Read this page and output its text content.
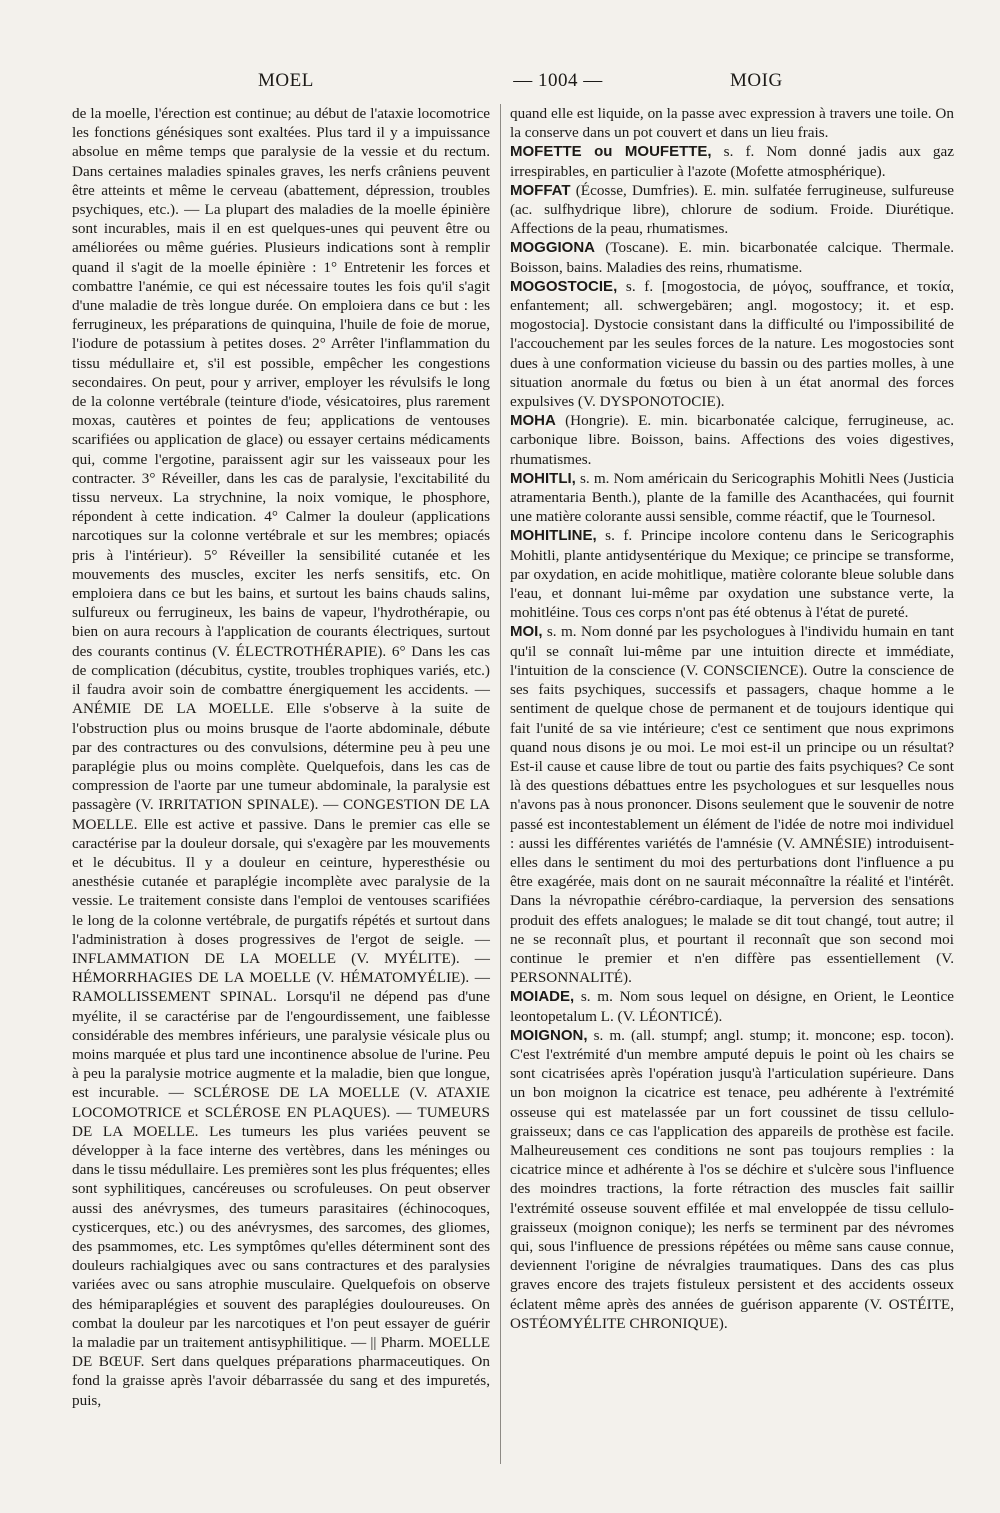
MOEL	— 1004 —	MOIG

de la moelle, l'érection est continue; au début de l'ataxie locomotrice les fonctions génésiques sont exaltées. Plus tard il y a impuissance absolue en même temps que paralysie de la vessie et du rectum. Dans certaines maladies spinales graves, les nerfs crâniens peuvent être atteints et même le cerveau (abattement, dépression, troubles psychiques, etc.). — La plupart des maladies de la moelle épinière sont incurables, mais il en est quelques-unes qui peuvent être ou améliorées ou même guéries. Plusieurs indications sont à remplir quand il s'agit de la moelle épinière : 1° Entretenir les forces et combattre l'anémie, ce qui est nécessaire toutes les fois qu'il s'agit d'une maladie de très longue durée. On emploiera dans ce but : les ferrugineux, les préparations de quinquina, l'huile de foie de morue, l'iodure de potassium à petites doses. 2° Arrêter l'inflammation du tissu médullaire et, s'il est possible, empêcher les congestions secondaires. On peut, pour y arriver, employer les révulsifs le long de la colonne vertébrale (teinture d'iode, vésicatoires, plus rarement moxas, cautères et pointes de feu; applications de ventouses scarifiées ou application de glace) ou essayer certains médicaments qui, comme l'ergotine, paraissent agir sur les vaisseaux pour les contracter. 3° Réveiller, dans les cas de paralysie, l'excitabilité du tissu nerveux. La strychnine, la noix vomique, le phosphore, répondent à cette indication. 4° Calmer la douleur (applications narcotiques sur la colonne vertébrale et sur les membres; opiacés pris à l'intérieur). 5° Réveiller la sensibilité cutanée et les mouvements des muscles, exciter les nerfs sensitifs, etc. On emploiera dans ce but les bains, et surtout les bains chauds salins, sulfureux ou ferrugineux, les bains de vapeur, l'hydrothérapie, ou bien on aura recours à l'application de courants électriques, surtout des courants continus (V. ÉLECTROTHÉRAPIE). 6° Dans les cas de complication (décubitus, cystite, troubles trophiques variés, etc.) il faudra avoir soin de combattre énergiquement les accidents. — ANÉMIE DE LA MOELLE. Elle s'observe à la suite de l'obstruction plus ou moins brusque de l'aorte abdominale, débute par des contractures ou des convulsions, détermine peu à peu une paraplégie plus ou moins complète. Quelquefois, dans les cas de compression de l'aorte par une tumeur abdominale, la paralysie est passagère (V. IRRITATION SPINALE). — CONGESTION DE LA MOELLE. Elle est active et passive. Dans le premier cas elle se caractérise par la douleur dorsale, qui s'exagère par les mouvements et le décubitus. Il y a douleur en ceinture, hyperesthésie ou anesthésie cutanée et paraplégie incomplète avec paralysie de la vessie. Le traitement consiste dans l'emploi de ventouses scarifiées le long de la colonne vertébrale, de purgatifs répétés et surtout dans l'administration à doses progressives de l'ergot de seigle. — INFLAMMATION DE LA MOELLE (V. MYÉLITE). — HÉMORRHAGIES DE LA MOELLE (V. HÉMATOMYÉLIE). — RAMOLLISSEMENT SPINAL. Lorsqu'il ne dépend pas d'une myélite, il se caractérise par de l'engourdissement, une faiblesse considérable des membres inférieurs, une paralysie vésicale plus ou moins marquée et plus tard une incontinence absolue de l'urine. Peu à peu la paralysie motrice augmente et la maladie, bien que longue, est incurable. — SCLÉROSE DE LA MOELLE (V. ATAXIE LOCOMOTRICE et SCLÉROSE EN PLAQUES). — TUMEURS DE LA MOELLE. Les tumeurs les plus variées peuvent se développer à la face interne des vertèbres, dans les méninges ou dans le tissu médullaire. Les premières sont les plus fréquentes; elles sont syphilitiques, cancéreuses ou scrofuleuses. On peut observer aussi des anévrysmes, des tumeurs parasitaires (échinocoques, cysticerques, etc.) ou des anévrysmes, des sarcomes, des gliomes, des psammomes, etc. Les symptômes qu'elles déterminent sont des douleurs rachialgiques avec ou sans contractures et des paralysies variées avec ou sans atrophie musculaire. Quelquefois on observe des hémiparaplégies et souvent des paraplégies douloureuses. On combat la douleur par les narcotiques et l'on peut essayer de guérir la maladie par un traitement antisyphilitique. — || Pharm. MOELLE DE BŒUF. Sert dans quelques préparations pharmaceutiques. On fond la graisse après l'avoir débarrassée du sang et des impuretés, puis,

quand elle est liquide, on la passe avec expression à travers une toile. On la conserve dans un pot couvert et dans un lieu frais.

MOFETTE ou MOUFETTE, s. f. Nom donné jadis aux gaz irrespirables, en particulier à l'azote (Mofette atmosphérique).

MOFFAT (Écosse, Dumfries). E. min. sulfatée ferrugineuse, sulfureuse (ac. sulfhydrique libre), chlorure de sodium. Froide. Diurétique. Affections de la peau, rhumatismes.

MOGGIONA (Toscane). E. min. bicarbonatée calcique. Thermale. Boisson, bains. Maladies des reins, rhumatisme.

MOGOSTOCIE, s. f. [mogostocia, de μόγος, souffrance, et τοκία, enfantement; all. schwergebären; angl. mogostocy; it. et esp. mogostocia]. Dystocie consistant dans la difficulté ou l'impossibilité de l'accouchement par les seules forces de la nature. Les mogostocies sont dues à une conformation vicieuse du bassin ou des parties molles, à une situation anormale du fœtus ou bien à un état anormal des forces expulsives (V. DYSPONOTOCIE).

MOHA (Hongrie). E. min. bicarbonatée calcique, ferrugineuse, ac. carbonique libre. Boisson, bains. Affections des voies digestives, rhumatismes.

MOHITLI, s. m. Nom américain du Sericographis Mohitli Nees (Justicia atramentaria Benth.), plante de la famille des Acanthacées, qui fournit une matière colorante aussi sensible, comme réactif, que le Tournesol.

MOHITLINE, s. f. Principe incolore contenu dans le Sericographis Mohitli, plante antidysentérique du Mexique; ce principe se transforme, par oxydation, en acide mohitlique, matière colorante bleue soluble dans l'eau, et donnant lui-même par oxydation une substance verte, la mohitléine. Tous ces corps n'ont pas été obtenus à l'état de pureté.

MOI, s. m. Nom donné par les psychologues à l'individu humain en tant qu'il se connaît lui-même par une intuition directe et immédiate, l'intuition de la conscience (V. CONSCIENCE). Outre la conscience de ses faits psychiques, successifs et passagers, chaque homme a le sentiment de quelque chose de permanent et de toujours identique qui fait l'unité de sa vie intérieure; c'est ce sentiment que nous exprimons quand nous disons je ou moi. Le moi est-il un principe ou un résultat? Est-il cause et cause libre de tout ou partie des faits psychiques? Ce sont là des questions débattues entre les psychologues et sur lesquelles nous n'avons pas à nous prononcer. Disons seulement que le souvenir de notre passé est incontestablement un élément de l'idée de notre moi individuel : aussi les différentes variétés de l'amnésie (V. AMNÉSIE) introduisent-elles dans le sentiment du moi des perturbations dont l'influence a pu être exagérée, mais dont on ne saurait méconnaître la réalité et l'intérêt. Dans la névropathie cérébro-cardiaque, la perversion des sensations produit des effets analogues; le malade se dit tout changé, tout autre; il ne se reconnaît plus, et pourtant il reconnaît que son second moi continue le premier et n'en diffère pas essentiellement (V. PERSONNALITÉ).

MOIADE, s. m. Nom sous lequel on désigne, en Orient, le Leontice leontopetalum L. (V. LÉONTICÉ).

MOIGNON, s. m. (all. stumpf; angl. stump; it. moncone; esp. tocon). C'est l'extrémité d'un membre amputé depuis le point où les chairs se sont cicatrisées après l'opération jusqu'à l'articulation supérieure. Dans un bon moignon la cicatrice est tenace, peu adhérente à l'extrémité osseuse qui est matelassée par un fort coussinet de tissu cellulo-graisseux; dans ce cas l'application des appareils de prothèse est facile. Malheureusement ces conditions ne sont pas toujours remplies : la cicatrice mince et adhérente à l'os se déchire et s'ulcère sous l'influence des moindres tractions, la forte rétraction des muscles fait saillir l'extrémité osseuse souvent effilée et mal enveloppée de tissu cellulo-graisseux (moignon conique); les nerfs se terminent par des névromes qui, sous l'influence de pressions répétées ou même sans cause connue, deviennent l'origine de névralgies traumatiques. Dans des cas plus graves encore des trajets fistuleux persistent et des accidents osseux éclatent même après des années de guérison apparente (V. OSTÉITE, OSTÉOMYÉLITE CHRONIQUE).
